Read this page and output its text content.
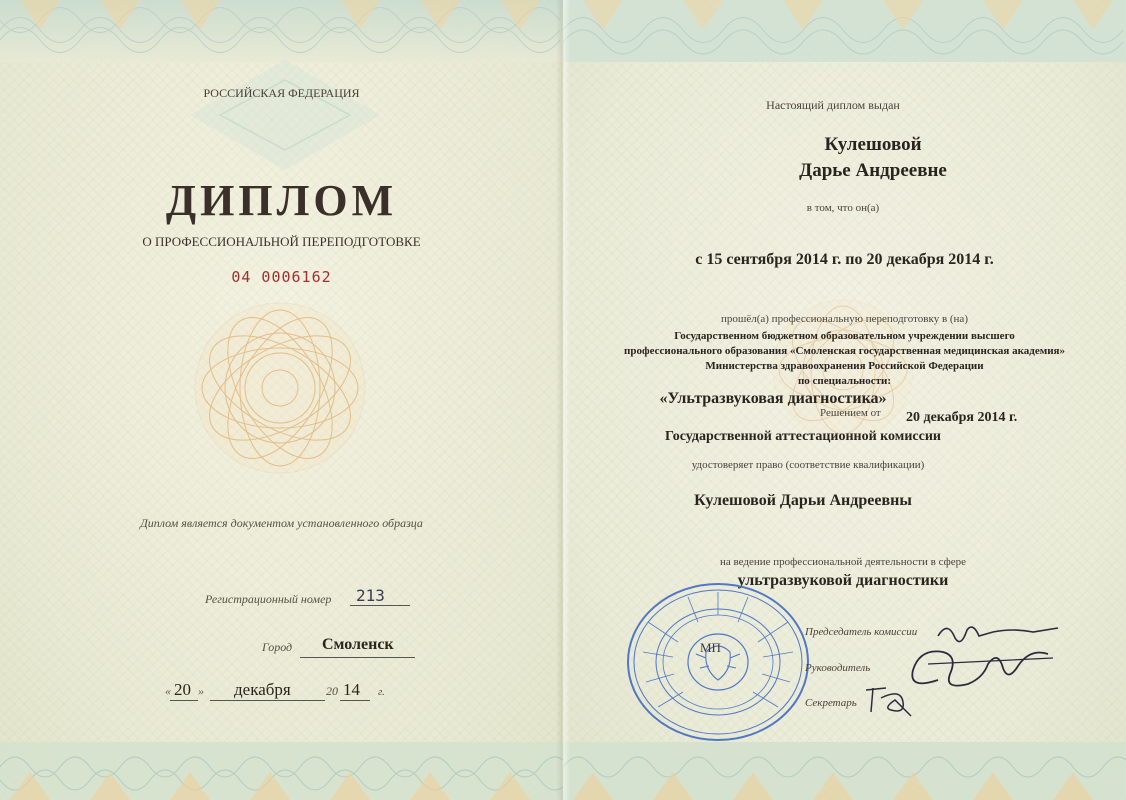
РОССИЙСКАЯ ФЕДЕРАЦИЯ

ДИПЛОМ

О ПРОФЕССИОНАЛЬНОЙ ПЕРЕПОДГОТОВКЕ

04 0006162

Диплом является документом установленного образца

Регистрационный номер 213

Город Смоленск

« 20 » декабря	20 14 г.

Настоящий диплом выдан

Кулешовой

Дарье Андреевне

в том, что он(а)

с 15 сентября 2014 г. по 20 декабря 2014 г.

прошёл(а) профессиональную переподготовку в (на)

Государственном бюджетном образовательном учреждении высшего

профессионального образования «Смоленская государственная медицинская академия»

Министерства здравоохранения Российской Федерации

по специальности:

«Ультразвуковая диагностика»

Решением от 20 декабря 2014 г.

Государственной аттестационной комиссии

удостоверяет право (соответствие квалификации)

Кулешовой Дарьи Андреевны

на ведение профессиональной деятельности в сфере

ультразвуковой диагностики

МП

Председатель комиссии

Руководитель

Секретарь
